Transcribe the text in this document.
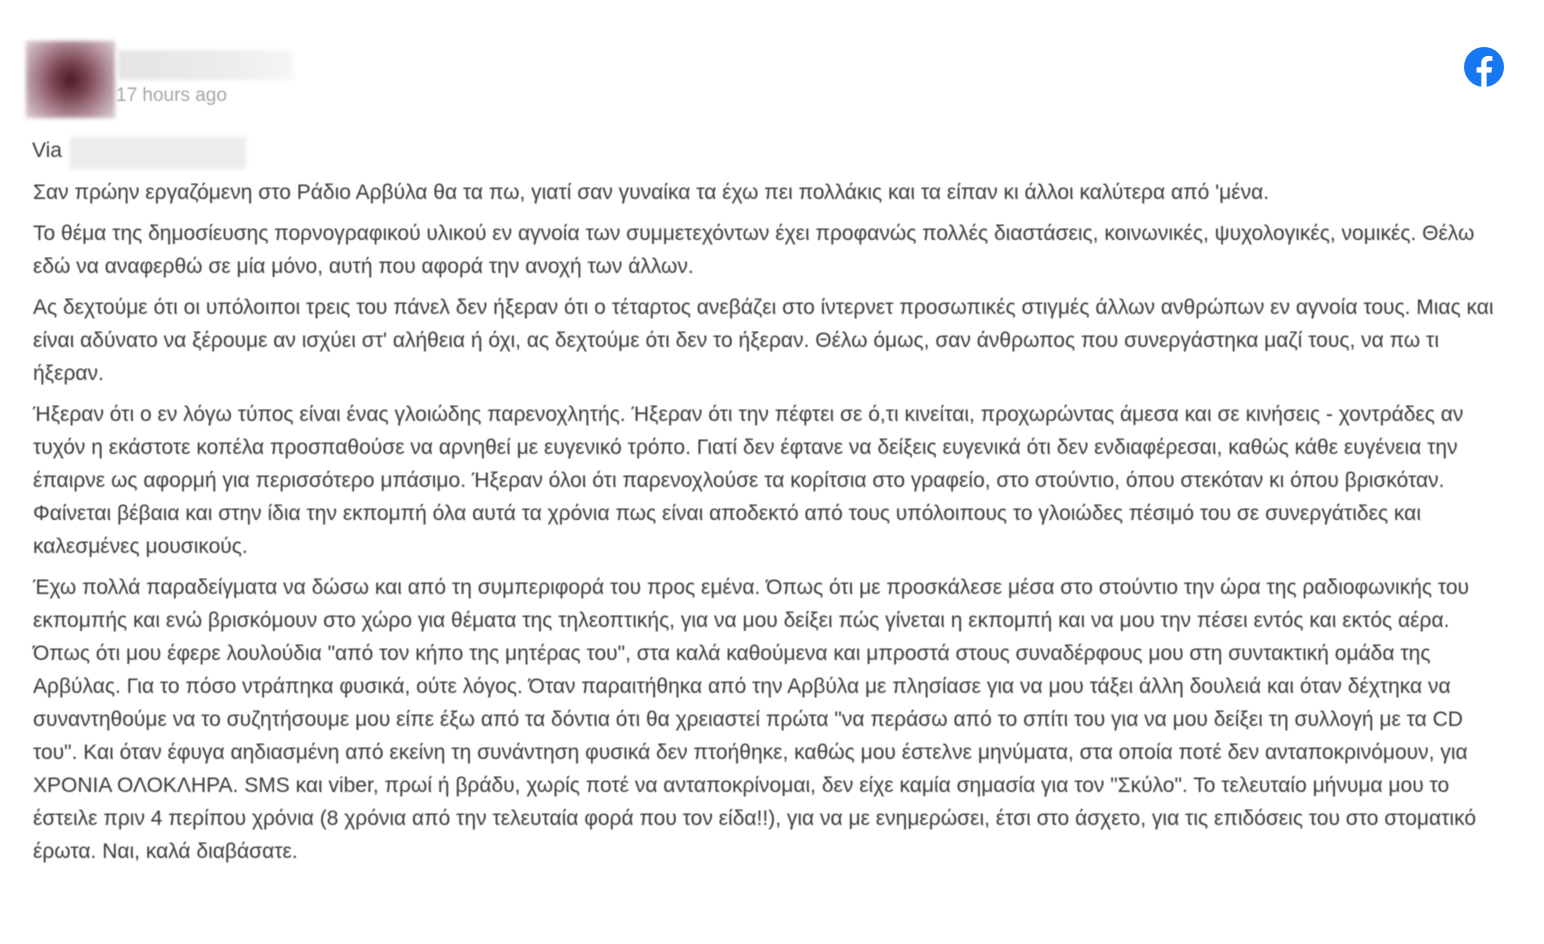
17 hours ago
Via

Σαν πρώην εργαζόμενη στο Ράδιο Αρβύλα θα τα πω, γιατί σαν γυναίκα τα έχω πει πολλάκις και τα είπαν κι άλλοι καλύτερα από 'μένα.

Το θέμα της δημοσίευσης πορνογραφικού υλικού εν αγνοία των συμμετεχόντων έχει προφανώς πολλές διαστάσεις, κοινωνικές, ψυχολογικές, νομικές. Θέλω εδώ να αναφερθώ σε μία μόνο, αυτή που αφορά την ανοχή των άλλων.

Ας δεχτούμε ότι οι υπόλοιποι τρεις του πάνελ δεν ήξεραν ότι ο τέταρτος ανεβάζει στο ίντερνετ προσωπικές στιγμές άλλων ανθρώπων εν αγνοία τους. Μιας και είναι αδύνατο να ξέρουμε αν ισχύει στ' αλήθεια ή όχι, ας δεχτούμε ότι δεν το ήξεραν. Θέλω όμως, σαν άνθρωπος που συνεργάστηκα μαζί τους, να πω τι ήξεραν.

Ήξεραν ότι ο εν λόγω τύπος είναι ένας γλοιώδης παρενοχλητής. Ήξεραν ότι την πέφτει σε ό,τι κινείται, προχωρώντας άμεσα και σε κινήσεις - χοντράδες αν τυχόν η εκάστοτε κοπέλα προσπαθούσε να αρνηθεί με ευγενικό τρόπο. Γιατί δεν έφτανε να δείξεις ευγενικά ότι δεν ενδιαφέρεσαι, καθώς κάθε ευγένεια την έπαιρνε ως αφορμή για περισσότερο μπάσιμο. Ήξεραν όλοι ότι παρενοχλούσε τα κορίτσια στο γραφείο, στο στούντιο, όπου στεκόταν κι όπου βρισκόταν. Φαίνεται βέβαια και στην ίδια την εκπομπή όλα αυτά τα χρόνια πως είναι αποδεκτό από τους υπόλοιπους το γλοιώδες πέσιμό του σε συνεργάτιδες και καλεσμένες μουσικούς.

Έχω πολλά παραδείγματα να δώσω και από τη συμπεριφορά του προς εμένα. Όπως ότι με προσκάλεσε μέσα στο στούντιο την ώρα της ραδιοφωνικής του εκπομπής και ενώ βρισκόμουν στο χώρο για θέματα της τηλεοπτικής, για να μου δείξει πώς γίνεται η εκπομπή και να μου την πέσει εντός και εκτός αέρα. Όπως ότι μου έφερε λουλούδια "από τον κήπο της μητέρας του", στα καλά καθούμενα και μπροστά στους συναδέρφους μου στη συντακτική ομάδα της Αρβύλας. Για το πόσο ντράπηκα φυσικά, ούτε λόγος. Όταν παραιτήθηκα από την Αρβύλα με πλησίασε για να μου τάξει άλλη δουλειά και όταν δέχτηκα να συναντηθούμε να το συζητήσουμε μου είπε έξω από τα δόντια ότι θα χρειαστεί πρώτα "να περάσω από το σπίτι του για να μου δείξει τη συλλογή με τα CD του". Και όταν έφυγα αηδιασμένη από εκείνη τη συνάντηση φυσικά δεν πτοήθηκε, καθώς μου έστελνε μηνύματα, στα οποία ποτέ δεν ανταποκρινόμουν, για ΧΡΟΝΙΑ ΟΛΟΚΛΗΡΑ. SMS και viber, πρωί ή βράδυ, χωρίς ποτέ να ανταποκρίνομαι, δεν είχε καμία σημασία για τον "Σκύλο". Το τελευταίο μήνυμα μου το έστειλε πριν 4 περίπου χρόνια (8 χρόνια από την τελευταία φορά που τον είδα!!), για να με ενημερώσει, έτσι στο άσχετο, για τις επιδόσεις του στο στοματικό έρωτα. Ναι, καλά διαβάσατε.
